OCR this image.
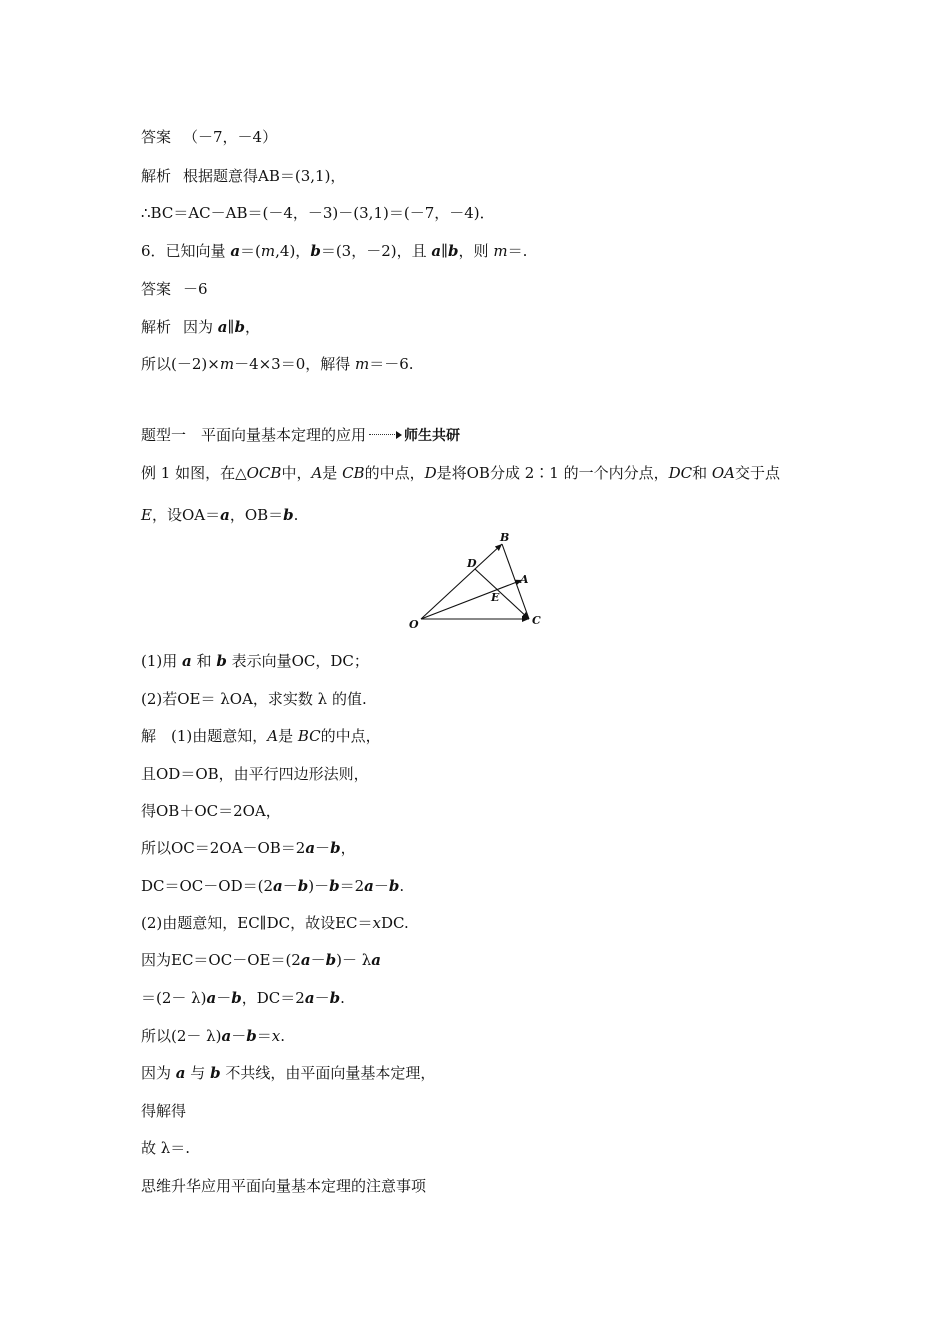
答案 （－7，－4）
解析 根据题意得AB＝(3,1)，
∴BC＝AC－AB＝(－4，－3)－(3,1)＝(－7，－4)．
6．已知向量 a＝(m,4)，b＝(3，－2)，且 a∥b，则 m＝.
答案 －6
解析 因为 a∥b，
所以(－2)×m－4×3＝0，解得 m＝－6.
题型一　平面向量基本定理的应用	师生共研
例 1 如图，在△OCB中，A是 CB的中点，D是将OB分成 2∶1 的一个内分点，DC和 OA交于点
E，设OA＝a，OB＝b.
B
D
A
E
O	C
(1)用 a 和 b 表示向量OC，DC；
(2)若OE＝ λOA，求实数 λ 的值.
解　(1)由题意知，A是 BC的中点，
且OD＝OB，由平行四边形法则，
得OB＋OC＝2OA，
所以OC＝2OA－OB＝2a－b，
DC＝OC－OD＝(2a－b)－b＝2a－b.
(2)由题意知，EC∥DC，故设EC＝xDC.
因为EC＝OC－OE＝(2a－b)－ λa
＝(2－ λ)a－b，DC＝2a－b.
所以(2－ λ)a－b＝x.
因为 a 与 b 不共线，由平面向量基本定理，
得解得
故 λ＝.
思维升华应用平面向量基本定理的注意事项
